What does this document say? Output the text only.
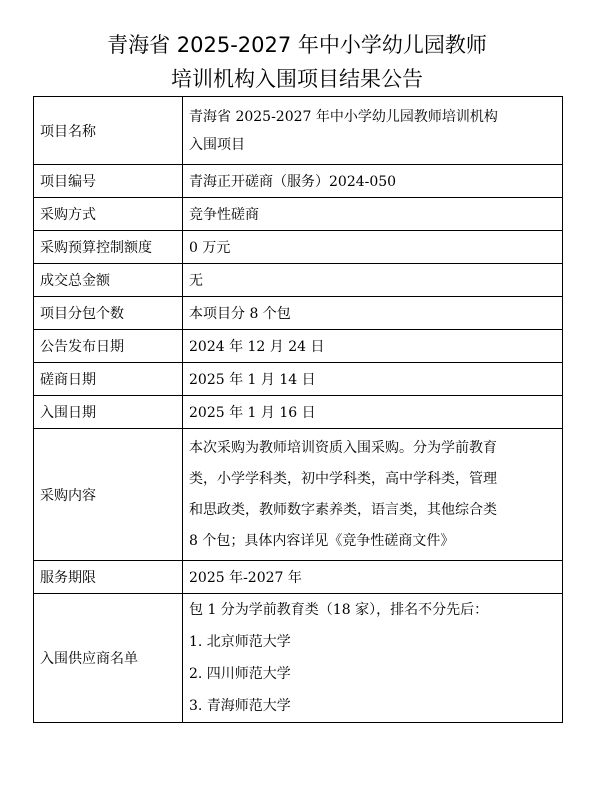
青海省 2025-2027 年中小学幼儿园教师
培训机构入围项目结果公告
项目名称	青海省 2025-2027 年中小学幼儿园教师培训机构
入围项目

项目编号	青海正开磋商（服务）2024-050
采购方式	竞争性磋商
采购预算控制额度	0 万元
成交总金额	无
项目分包个数	本项目分 8 个包
公告发布日期	2024 年 12 月 24 日
磋商日期	2025 年 1 月 14 日
入围日期	2025 年 1 月 16 日
采购内容	本次采购为教师培训资质入围采购。分为学前教育
类，小学学科类，初中学科类，高中学科类，管理
和思政类，教师数字素养类，语言类，其他综合类
8 个包；具体内容详见《竞争性磋商文件》

服务期限	2025 年-2027 年
入围供应商名单	包 1 分为学前教育类（18 家），排名不分先后：
1. 北京师范大学
2. 四川师范大学
3. 青海师范大学
